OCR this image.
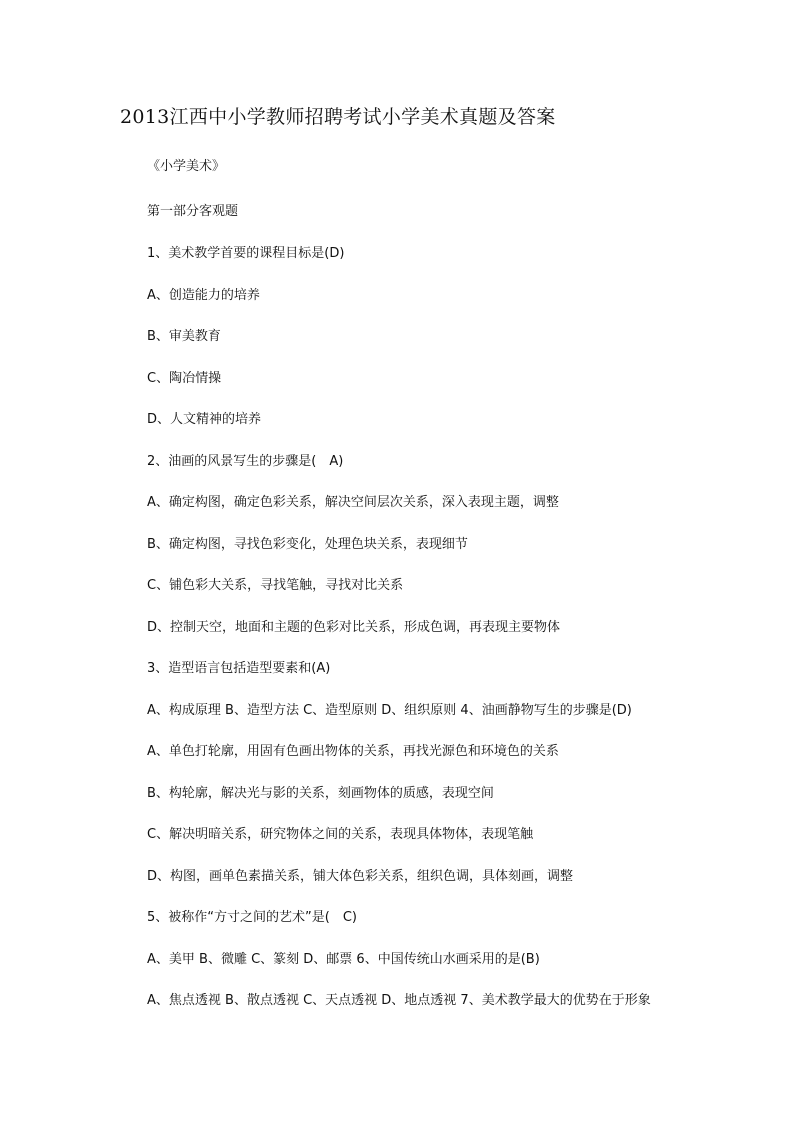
2013江西中小学教师招聘考试小学美术真题及答案
《小学美术》
第一部分客观题
1、美术教学首要的课程目标是(D)
A、创造能力的培养
B、审美教育
C、陶冶情操
D、人文精神的培养
2、油画的风景写生的步骤是(　A)
A、确定构图，确定色彩关系，解决空间层次关系，深入表现主题，调整
B、确定构图，寻找色彩变化，处理色块关系，表现细节
C、铺色彩大关系，寻找笔触，寻找对比关系
D、控制天空，地面和主题的色彩对比关系，形成色调，再表现主要物体
3、造型语言包括造型要素和(A)
A、构成原理 B、造型方法 C、造型原则 D、组织原则 4、油画静物写生的步骤是(D)
A、单色打轮廓，用固有色画出物体的关系，再找光源色和环境色的关系
B、构轮廓，解决光与影的关系，刻画物体的质感，表现空间
C、解决明暗关系，研究物体之间的关系，表现具体物体，表现笔触
D、构图，画单色素描关系，铺大体色彩关系，组织色调，具体刻画，调整
5、被称作“方寸之间的艺术”是(　C)
A、美甲 B、微雕 C、篆刻 D、邮票 6、中国传统山水画采用的是(B)
A、焦点透视 B、散点透视 C、天点透视 D、地点透视 7、美术教学最大的优势在于形象
